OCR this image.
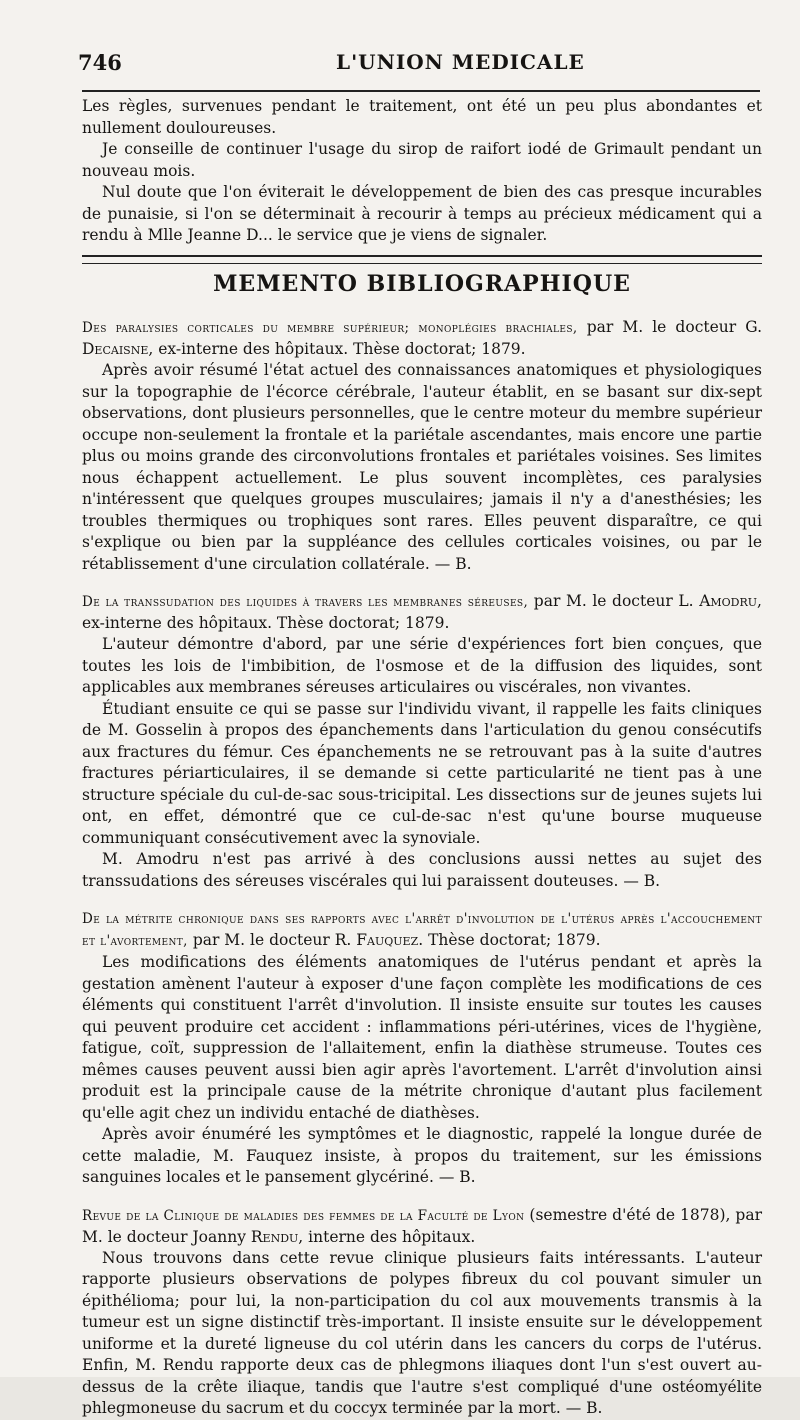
746	L'UNION MEDICALE

Les règles, survenues pendant le traitement, ont été un peu plus abondantes et nullement douloureuses.

Je conseille de continuer l'usage du sirop de raifort iodé de Grimault pendant un nouveau mois.

Nul doute que l'on éviterait le développement de bien des cas presque incurables de punaisie, si l'on se déterminait à recourir à temps au précieux médicament qui a rendu à Mlle Jeanne D... le service que je viens de signaler.

MEMENTO BIBLIOGRAPHIQUE

Des paralysies corticales du membre supérieur; monoplégies brachiales, par M. le docteur G. Decaisne, ex-interne des hôpitaux. Thèse doctorat; 1879.

Après avoir résumé l'état actuel des connaissances anatomiques et physiologiques sur la topographie de l'écorce cérébrale, l'auteur établit, en se basant sur dix-sept observations, dont plusieurs personnelles, que le centre moteur du membre supérieur occupe non-seulement la frontale et la pariétale ascendantes, mais encore une partie plus ou moins grande des circonvolutions frontales et pariétales voisines. Ses limites nous échappent actuellement. Le plus souvent incomplètes, ces paralysies n'intéressent que quelques groupes musculaires; jamais il n'y a d'anesthésies; les troubles thermiques ou trophiques sont rares. Elles peuvent disparaître, ce qui s'explique ou bien par la suppléance des cellules corticales voisines, ou par le rétablissement d'une circulation collatérale. — B.

De la transsudation des liquides à travers les membranes séreuses, par M. le docteur L. Amodru, ex-interne des hôpitaux. Thèse doctorat; 1879.

L'auteur démontre d'abord, par une série d'expériences fort bien conçues, que toutes les lois de l'imbibition, de l'osmose et de la diffusion des liquides, sont applicables aux membranes séreuses articulaires ou viscérales, non vivantes.

Étudiant ensuite ce qui se passe sur l'individu vivant, il rappelle les faits cliniques de M. Gosselin à propos des épanchements dans l'articulation du genou consécutifs aux fractures du fémur. Ces épanchements ne se retrouvant pas à la suite d'autres fractures périarticulaires, il se demande si cette particularité ne tient pas à une structure spéciale du cul-de-sac sous-tricipital. Les dissections sur de jeunes sujets lui ont, en effet, démontré que ce cul-de-sac n'est qu'une bourse muqueuse communiquant consécutivement avec la synoviale.

M. Amodru n'est pas arrivé à des conclusions aussi nettes au sujet des transsudations des séreuses viscérales qui lui paraissent douteuses. — B.

De la métrite chronique dans ses rapports avec l'arrêt d'involution de l'utérus après l'accouchement et l'avortement, par M. le docteur R. Fauquez. Thèse doctorat; 1879.

Les modifications des éléments anatomiques de l'utérus pendant et après la gestation amènent l'auteur à exposer d'une façon complète les modifications de ces éléments qui constituent l'arrêt d'involution. Il insiste ensuite sur toutes les causes qui peuvent produire cet accident : inflammations péri-utérines, vices de l'hygiène, fatigue, coït, suppression de l'allaitement, enfin la diathèse strumeuse. Toutes ces mêmes causes peuvent aussi bien agir après l'avortement. L'arrêt d'involution ainsi produit est la principale cause de la métrite chronique d'autant plus facilement qu'elle agit chez un individu entaché de diathèses.

Après avoir énuméré les symptômes et le diagnostic, rappelé la longue durée de cette maladie, M. Fauquez insiste, à propos du traitement, sur les émissions sanguines locales et le pansement glycériné. — B.

Revue de la Clinique de maladies des femmes de la Faculté de Lyon (semestre d'été de 1878), par M. le docteur Joanny Rendu, interne des hôpitaux.

Nous trouvons dans cette revue clinique plusieurs faits intéressants. L'auteur rapporte plusieurs observations de polypes fibreux du col pouvant simuler un épithélioma; pour lui, la non-participation du col aux mouvements transmis à la tumeur est un signe distinctif très-important. Il insiste ensuite sur le développement uniforme et la dureté ligneuse du col utérin dans les cancers du corps de l'utérus. Enfin, M. Rendu rapporte deux cas de phlegmons iliaques dont l'un s'est ouvert au-dessus de la crête iliaque, tandis que l'autre s'est compliqué d'une ostéomyélite phlegmoneuse du sacrum et du coccyx terminée par la mort. — B.
